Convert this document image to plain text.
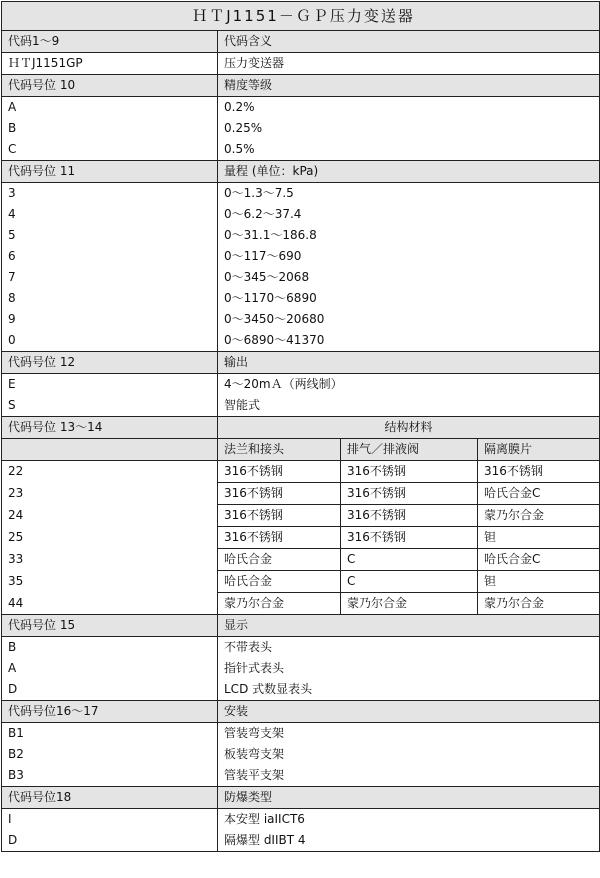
ＨＴJ1151－ＧＰ压力变送器			
代码1～9	代码含义		
ＨＴJ1151GP	压力变送器		
代码号位 10	精度等级		
A	0.2%		
B	0.25%		
C	0.5%		
代码号位 11	量程 (单位：kPa)		
3	0～1.3～7.5		
4	0～6.2～37.4		
5	0～31.1～186.8		
6	0～117～690		
7	0～345～2068		
8	0～1170～6890		
9	0～3450～20680		
0	0～6890～41370		
代码号位 12	输出		
E	4～20mＡ（两线制）		
S	智能式		
代码号位 13～14	结构材料		
	法兰和接头	排气／排液阀	隔离膜片
22	316不锈钢	316不锈钢	316不锈钢
23	316不锈钢	316不锈钢	哈氏合金C
24	316不锈钢	316不锈钢	蒙乃尔合金
25	316不锈钢	316不锈钢	钽
33	哈氏合金	C	哈氏合金C
35	哈氏合金	C	钽
44	蒙乃尔合金	蒙乃尔合金	蒙乃尔合金
代码号位 15	显示		
B	不带表头		
A	指针式表头		
D	LCD 式数显表头		
代码号位16～17	安装		
B1	管装弯支架		
B2	板装弯支架		
B3	管装平支架		
代码号位18	防爆类型		
I	本安型 iaIICT6		
D	隔爆型 dIIBT 4		
